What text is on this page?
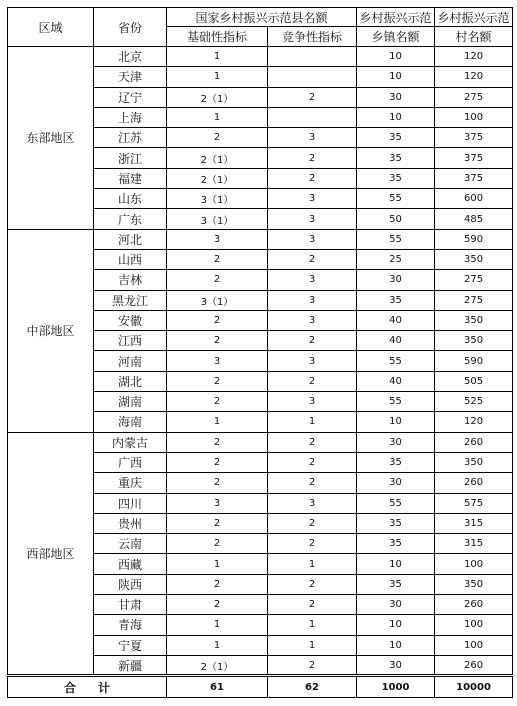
区域	省份	国家乡村振兴示范县名额		乡村振兴示范	乡村振兴示范
		基础性指标	竞争性指标	乡镇名额	村名额
东部地区	北京	1		10	120
	天津	1		10	120
	辽宁	2（1）	2	30	275
	上海	1		10	100
	江苏	2	3	35	375
	浙江	2（1）	2	35	375
	福建	2（1）	2	35	375
	山东	3（1）	3	55	600
	广东	3（1）	3	50	485
中部地区	河北	3	3	55	590
	山西	2	2	25	350
	吉林	2	3	30	275
	黑龙江	3（1）	3	35	275
	安徽	2	3	40	350
	江西	2	2	40	350
	河南	3	3	55	590
	湖北	2	2	40	505
	湖南	2	3	55	525
	海南	1	1	10	120
西部地区	内蒙古	2	2	30	260
	广西	2	2	35	350
	重庆	2	2	30	260
	四川	3	3	55	575
	贵州	2	2	35	315
	云南	2	2	35	315
	西藏	1	1	10	100
	陕西	2	2	35	350
	甘肃	2	2	30	260
	青海	1	1	10	100
	宁夏	1	1	10	100
	新疆	2（1）	2	30	260
合计		61	62	1000	10000
